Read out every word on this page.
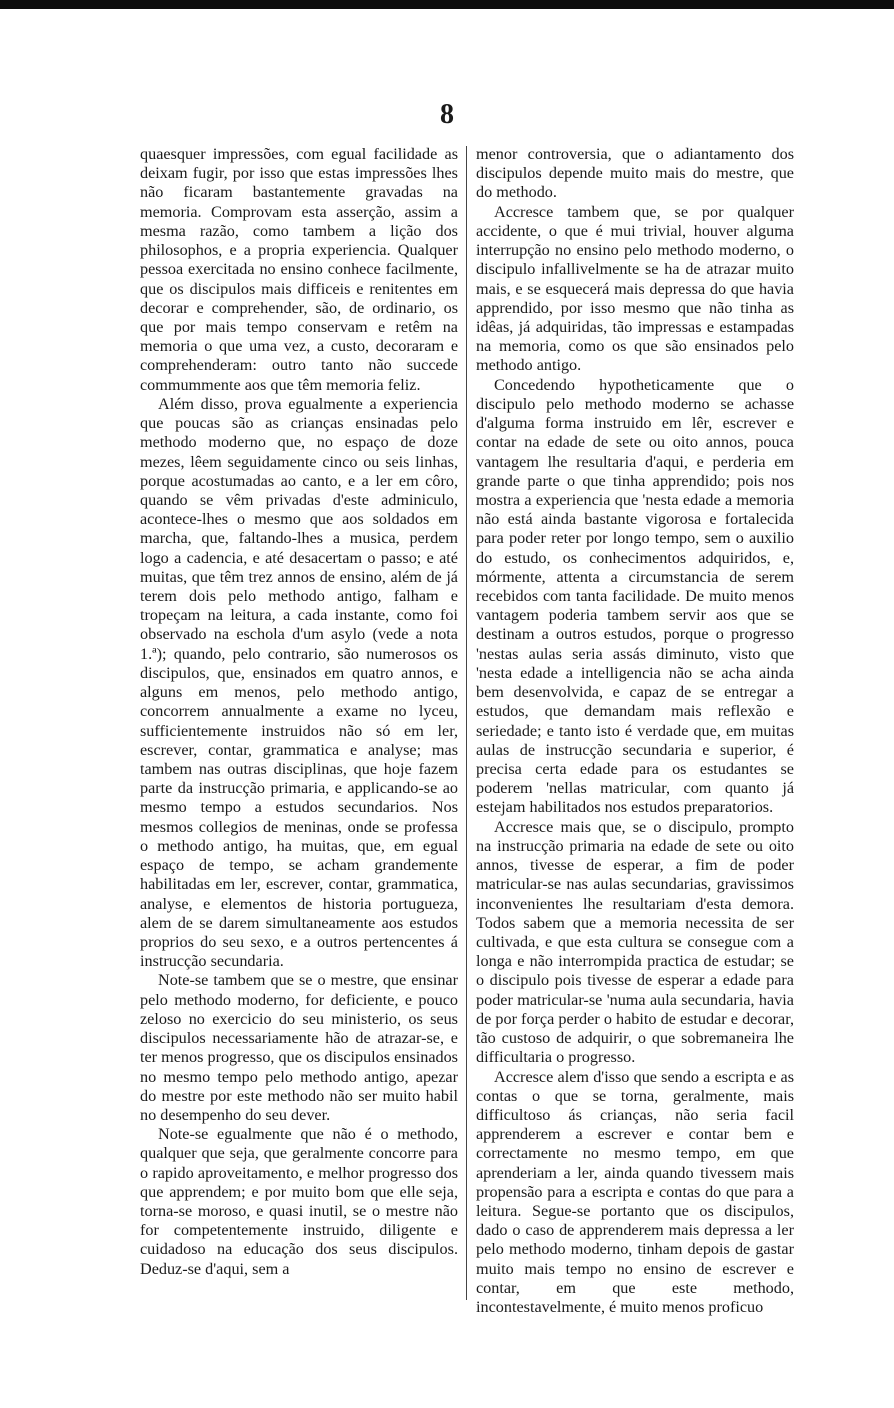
8

quaesquer impressões, com egual facilidade as deixam fugir, por isso que estas impressões lhes não ficaram bastantemente gravadas na memoria. Comprovam esta asserção, assim a mesma razão, como tambem a lição dos philosophos, e a propria experiencia. Qualquer pessoa exercitada no ensino conhece facilmente, que os discipulos mais difficeis e renitentes em decorar e comprehender, são, de ordinario, os que por mais tempo conservam e retêm na memoria o que uma vez, a custo, decoraram e comprehenderam: outro tanto não succede commummente aos que têm memoria feliz.

Além disso, prova egualmente a experiencia que poucas são as crianças ensinadas pelo methodo moderno que, no espaço de doze mezes, lêem seguidamente cinco ou seis linhas, porque acostumadas ao canto, e a ler em côro, quando se vêm privadas d'este adminiculo, acontece-lhes o mesmo que aos soldados em marcha, que, faltando-lhes a musica, perdem logo a cadencia, e até desacertam o passo; e até muitas, que têm trez annos de ensino, além de já terem dois pelo methodo antigo, falham e tropeçam na leitura, a cada instante, como foi observado na eschola d'um asylo (vede a nota 1.ª); quando, pelo contrario, são numerosos os discipulos, que, ensinados em quatro annos, e alguns em menos, pelo methodo antigo, concorrem annualmente a exame no lyceu, sufficientemente instruidos não só em ler, escrever, contar, grammatica e analyse; mas tambem nas outras disciplinas, que hoje fazem parte da instrucção primaria, e applicando-se ao mesmo tempo a estudos secundarios. Nos mesmos collegios de meninas, onde se professa o methodo antigo, ha muitas, que, em egual espaço de tempo, se acham grandemente habilitadas em ler, escrever, contar, grammatica, analyse, e elementos de historia portugueza, alem de se darem simultaneamente aos estudos proprios do seu sexo, e a outros pertencentes á instrucção secundaria.

Note-se tambem que se o mestre, que ensinar pelo methodo moderno, for deficiente, e pouco zeloso no exercicio do seu ministerio, os seus discipulos necessariamente hão de atrazar-se, e ter menos progresso, que os discipulos ensinados no mesmo tempo pelo methodo antigo, apezar do mestre por este methodo não ser muito habil no desempenho do seu dever.

Note-se egualmente que não é o methodo, qualquer que seja, que geralmente concorre para o rapido aproveitamento, e melhor progresso dos que apprendem; e por muito bom que elle seja, torna-se moroso, e quasi inutil, se o mestre não for competentemente instruido, diligente e cuidadoso na educação dos seus discipulos. Deduz-se d'aqui, sem a

menor controversia, que o adiantamento dos discipulos depende muito mais do mestre, que do methodo.

Accresce tambem que, se por qualquer accidente, o que é mui trivial, houver alguma interrupção no ensino pelo methodo moderno, o discipulo infallivelmente se ha de atrazar muito mais, e se esquecerá mais depressa do que havia apprendido, por isso mesmo que não tinha as idêas, já adquiridas, tão impressas e estampadas na memoria, como os que são ensinados pelo methodo antigo.

Concedendo hypotheticamente que o discipulo pelo methodo moderno se achasse d'alguma forma instruido em lêr, escrever e contar na edade de sete ou oito annos, pouca vantagem lhe resultaria d'aqui, e perderia em grande parte o que tinha apprendido; pois nos mostra a experiencia que 'nesta edade a memoria não está ainda bastante vigorosa e fortalecida para poder reter por longo tempo, sem o auxilio do estudo, os conhecimentos adquiridos, e, mórmente, attenta a circumstancia de serem recebidos com tanta facilidade. De muito menos vantagem poderia tambem servir aos que se destinam a outros estudos, porque o progresso 'nestas aulas seria assás diminuto, visto que 'nesta edade a intelligencia não se acha ainda bem desenvolvida, e capaz de se entregar a estudos, que demandam mais reflexão e seriedade; e tanto isto é verdade que, em muitas aulas de instrucção secundaria e superior, é precisa certa edade para os estudantes se poderem 'nellas matricular, com quanto já estejam habilitados nos estudos preparatorios.

Accresce mais que, se o discipulo, prompto na instrucção primaria na edade de sete ou oito annos, tivesse de esperar, a fim de poder matricular-se nas aulas secundarias, gravissimos inconvenientes lhe resultariam d'esta demora. Todos sabem que a memoria necessita de ser cultivada, e que esta cultura se consegue com a longa e não interrompida practica de estudar; se o discipulo pois tivesse de esperar a edade para poder matricular-se 'numa aula secundaria, havia de por força perder o habito de estudar e decorar, tão custoso de adquirir, o que sobremaneira lhe difficultaria o progresso.

Accresce alem d'isso que sendo a escripta e as contas o que se torna, geralmente, mais difficultoso ás crianças, não seria facil apprenderem a escrever e contar bem e correctamente no mesmo tempo, em que aprenderiam a ler, ainda quando tivessem mais propensão para a escripta e contas do que para a leitura. Segue-se portanto que os discipulos, dado o caso de apprenderem mais depressa a ler pelo methodo moderno, tinham depois de gastar muito mais tempo no ensino de escrever e contar, em que este methodo, incontestavelmente, é muito menos proficuo
